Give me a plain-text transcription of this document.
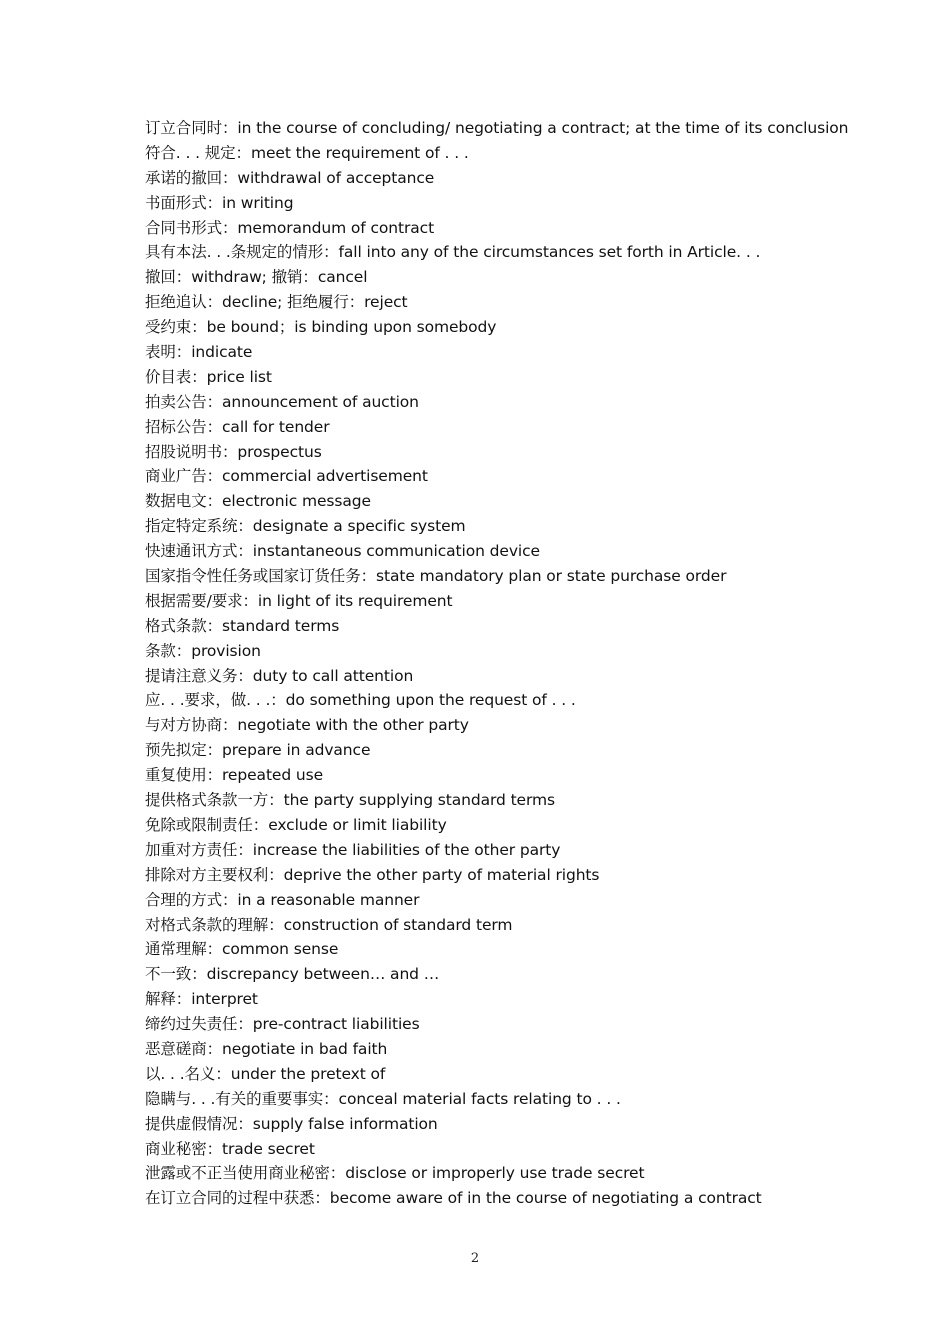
订立合同时：in the course of concluding/ negotiating a contract; at the time of its conclusion
符合. . . 规定：meet the requirement of . . .
承诺的撤回：withdrawal of acceptance
书面形式：in writing
合同书形式：memorandum of contract
具有本法. . .条规定的情形：fall into any of the circumstances set forth in Article. . .
撤回：withdraw; 撤销：cancel
拒绝追认：decline; 拒绝履行：reject
受约束：be bound；is binding upon somebody
表明：indicate
价目表：price list
拍卖公告：announcement of auction
招标公告：call for tender
招股说明书：prospectus
商业广告：commercial advertisement
数据电文：electronic message
指定特定系统：designate a specific system
快速通讯方式：instantaneous communication device
国家指令性任务或国家订货任务：state mandatory plan or state purchase order
根据需要/要求：in light of its requirement
格式条款：standard terms
条款：provision
提请注意义务：duty to call attention
应. . .要求，做. . .：do something upon the request of . . .
与对方协商：negotiate with the other party
预先拟定：prepare in advance
重复使用：repeated use
提供格式条款一方：the party supplying standard terms
免除或限制责任：exclude or limit liability
加重对方责任：increase the liabilities of the other party
排除对方主要权利：deprive the other party of material rights
合理的方式：in a reasonable manner
对格式条款的理解：construction of standard term
通常理解：common sense
不一致：discrepancy between… and …
解释：interpret
缔约过失责任：pre-contract liabilities
恶意磋商：negotiate in bad faith
以. . .名义：under the pretext of
隐瞒与. . .有关的重要事实：conceal material facts relating to . . .
提供虚假情况：supply false information
商业秘密：trade secret
泄露或不正当使用商业秘密：disclose or improperly use trade secret
在订立合同的过程中获悉：become aware of in the course of negotiating a contract
2
